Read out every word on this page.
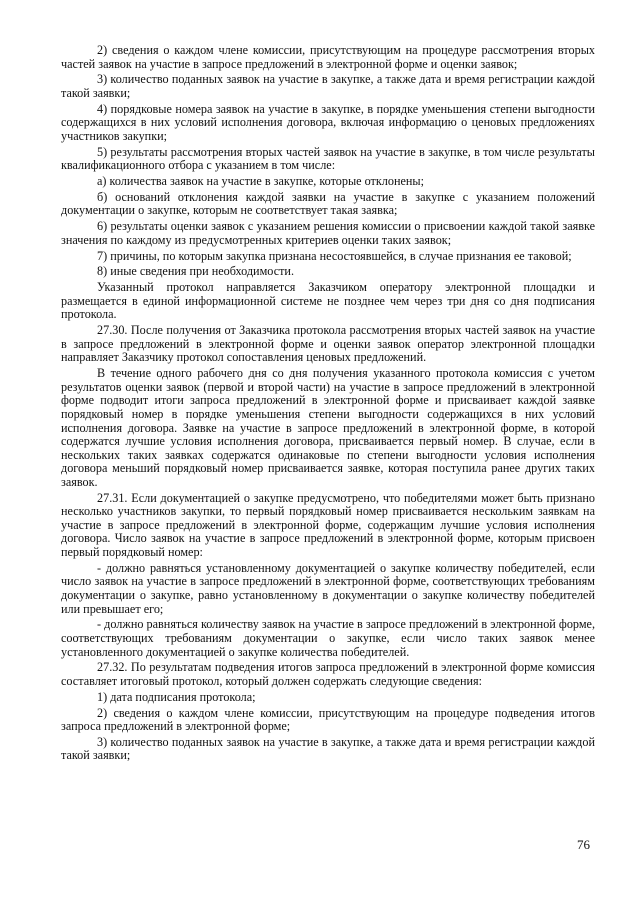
2) сведения о каждом члене комиссии, присутствующим на процедуре рассмотрения вторых частей заявок на участие в запросе предложений в электронной форме и оценки заявок;

3) количество поданных заявок на участие в закупке, а также дата и время регистрации каждой такой заявки;

4) порядковые номера заявок на участие в закупке, в порядке уменьшения степени выгодности содержащихся в них условий исполнения договора, включая информацию о ценовых предложениях участников закупки;

5) результаты рассмотрения вторых частей заявок на участие в закупке, в том числе результаты квалификационного отбора с указанием в том числе:

а) количества заявок на участие в закупке, которые отклонены;

б) оснований отклонения каждой заявки на участие в закупке с указанием положений документации о закупке, которым не соответствует такая заявка;

6) результаты оценки заявок с указанием решения комиссии о присвоении каждой такой заявке значения по каждому из предусмотренных критериев оценки таких заявок;

7) причины, по которым закупка признана несостоявшейся, в случае признания ее таковой;

8) иные сведения при необходимости.

Указанный протокол направляется Заказчиком оператору электронной площадки и размещается в единой информационной системе не позднее чем через три дня со дня подписания протокола.

27.30. После получения от Заказчика протокола рассмотрения вторых частей заявок на участие в запросе предложений в электронной форме и оценки заявок оператор электронной площадки направляет Заказчику протокол сопоставления ценовых предложений.

В течение одного рабочего дня со дня получения указанного протокола комиссия с учетом результатов оценки заявок (первой и второй части) на участие в запросе предложений в электронной форме подводит итоги запроса предложений в электронной форме и присваивает каждой заявке порядковый номер в порядке уменьшения степени выгодности содержащихся в них условий исполнения договора. Заявке на участие в запросе предложений в электронной форме, в которой содержатся лучшие условия исполнения договора, присваивается первый номер. В случае, если в нескольких таких заявках содержатся одинаковые по степени выгодности условия исполнения договора меньший порядковый номер присваивается заявке, которая поступила ранее других таких заявок.

27.31. Если документацией о закупке предусмотрено, что победителями может быть признано несколько участников закупки, то первый порядковый номер присваивается нескольким заявкам на участие в запросе предложений в электронной форме, содержащим лучшие условия исполнения договора. Число заявок на участие в запросе предложений в электронной форме, которым присвоен первый порядковый номер:

- должно равняться установленному документацией о закупке количеству победителей, если число заявок на участие в запросе предложений в электронной форме, соответствующих требованиям документации о закупке, равно установленному в документации о закупке количеству победителей или превышает его;

- должно равняться количеству заявок на участие в запросе предложений в электронной форме, соответствующих требованиям документации о закупке, если число таких заявок менее установленного документацией о закупке количества победителей.

27.32. По результатам подведения итогов запроса предложений в электронной форме комиссия составляет итоговый протокол, который должен содержать следующие сведения:

1) дата подписания протокола;

2) сведения о каждом члене комиссии, присутствующим на процедуре подведения итогов запроса предложений в электронной форме;

3) количество поданных заявок на участие в закупке, а также дата и время регистрации каждой такой заявки;

76
